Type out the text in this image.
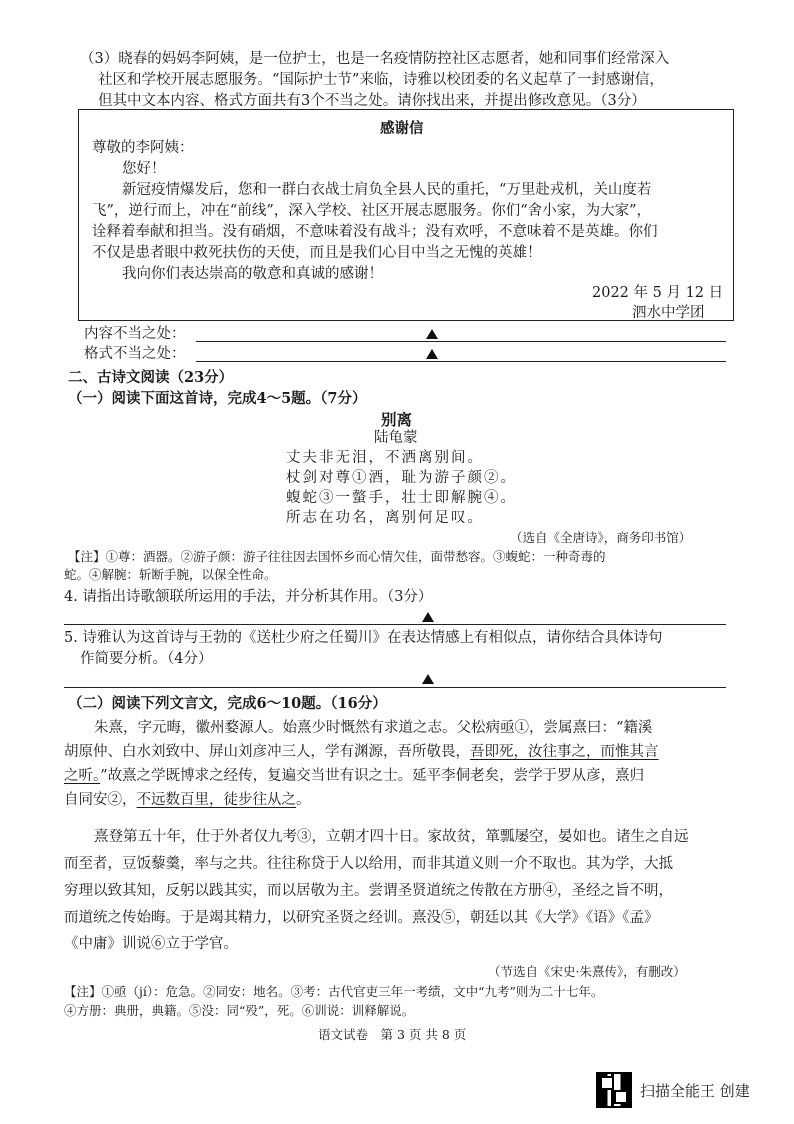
（3）晓春的妈妈李阿姨，是一位护士，也是一名疫情防控社区志愿者，她和同事们经常深入
社区和学校开展志愿服务。“国际护士节”来临，诗雅以校团委的名义起草了一封感谢信，
但其中文本内容、格式方面共有3个不当之处。请你找出来，并提出修改意见。（3分）
感谢信
尊敬的李阿姨：
您好！
新冠疫情爆发后，您和一群白衣战士肩负全县人民的重托，“万里赴戎机，关山度若
飞”，逆行而上，冲在“前线”，深入学校、社区开展志愿服务。你们“舍小家，为大家”，
诠释着奉献和担当。没有硝烟，不意味着没有战斗；没有欢呼，不意味着不是英雄。你们
不仅是患者眼中救死扶伤的天使，而且是我们心目中当之无愧的英雄！
我向你们表达崇高的敬意和真诚的感谢！
2022 年 5 月 12 日
泗水中学团
内容不当之处：
格式不当之处：
二、古诗文阅读（23分）
（一）阅读下面这首诗，完成4～5题。（7分）
别离
陆龟蒙
丈夫非无泪，不洒离别间。
杖剑对尊①酒，耻为游子颜②。
蝮蛇③一螫手，壮士即解腕④。
所志在功名，离别何足叹。
（选自《全唐诗》，商务印书馆）
【注】①尊：酒器。②游子颜：游子往往因去国怀乡而心情欠佳，面带愁容。③蝮蛇：一种奇毒的
蛇。④解腕：斩断手腕，以保全性命。
4. 请指出诗歌颔联所运用的手法，并分析其作用。（3分）
5. 诗雅认为这首诗与王勃的《送杜少府之任蜀川》在表达情感上有相似点，请你结合具体诗句
作简要分析。（4分）
（二）阅读下列文言文，完成6～10题。（16分）
朱熹，字元晦，徽州婺源人。始熹少时慨然有求道之志。父松病亟①，尝属熹曰：“籍溪
胡原仲、白水刘致中、屏山刘彦冲三人，学有渊源，吾所敬畏，吾即死，汝往事之，而惟其言
之听。”故熹之学既博求之经传，复遍交当世有识之士。延平李侗老矣，尝学于罗从彦，熹归
自同安②，不远数百里，徒步往从之。
熹登第五十年，仕于外者仅九考③，立朝才四十日。家故贫，箪瓢屡空，晏如也。诸生之自远
而至者，豆饭藜羹，率与之共。往往称贷于人以给用，而非其道义则一介不取也。其为学，大抵
穷理以致其知，反躬以践其实，而以居敬为主。尝谓圣贤道统之传散在方册④，圣经之旨不明，
而道统之传始晦。于是竭其精力，以研究圣贤之经训。熹没⑤，朝廷以其《大学》《语》《孟》
《中庸》训说⑥立于学官。
（节选自《宋史·朱熹传》，有删改）
【注】①亟（jí）：危急。②同安：地名。③考：古代官吏三年一考绩，文中“九考”则为二十七年。
④方册：典册，典籍。⑤没：同“殁”，死。⑥训说：训释解说。
语文试卷　第 3 页 共 8 页
扫描全能王 创建
